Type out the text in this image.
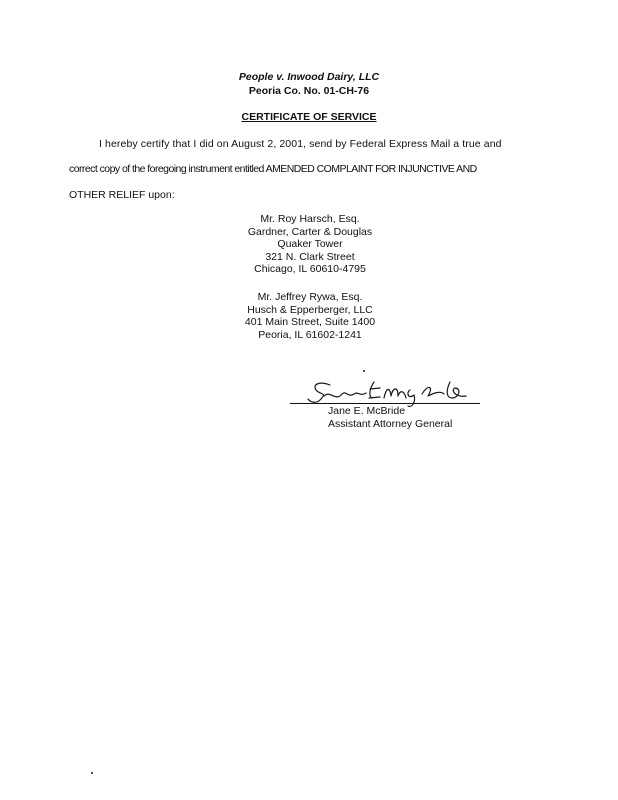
People v. Inwood Dairy, LLC
Peoria Co. No. 01-CH-76
CERTIFICATE OF SERVICE
I hereby certify that I did on August 2, 2001, send by Federal Express Mail a true and
correct copy of the foregoing instrument entitled AMENDED COMPLAINT FOR INJUNCTIVE AND
OTHER RELIEF upon:
Mr. Roy Harsch, Esq.
Gardner, Carter & Douglas
Quaker Tower
321 N. Clark Street
Chicago, IL 60610-4795
Mr. Jeffrey Rywa, Esq.
Husch & Epperberger, LLC
401 Main Street, Suite 1400
Peoria, IL 61602-1241
Jane E. McBride
Assistant Attorney General
